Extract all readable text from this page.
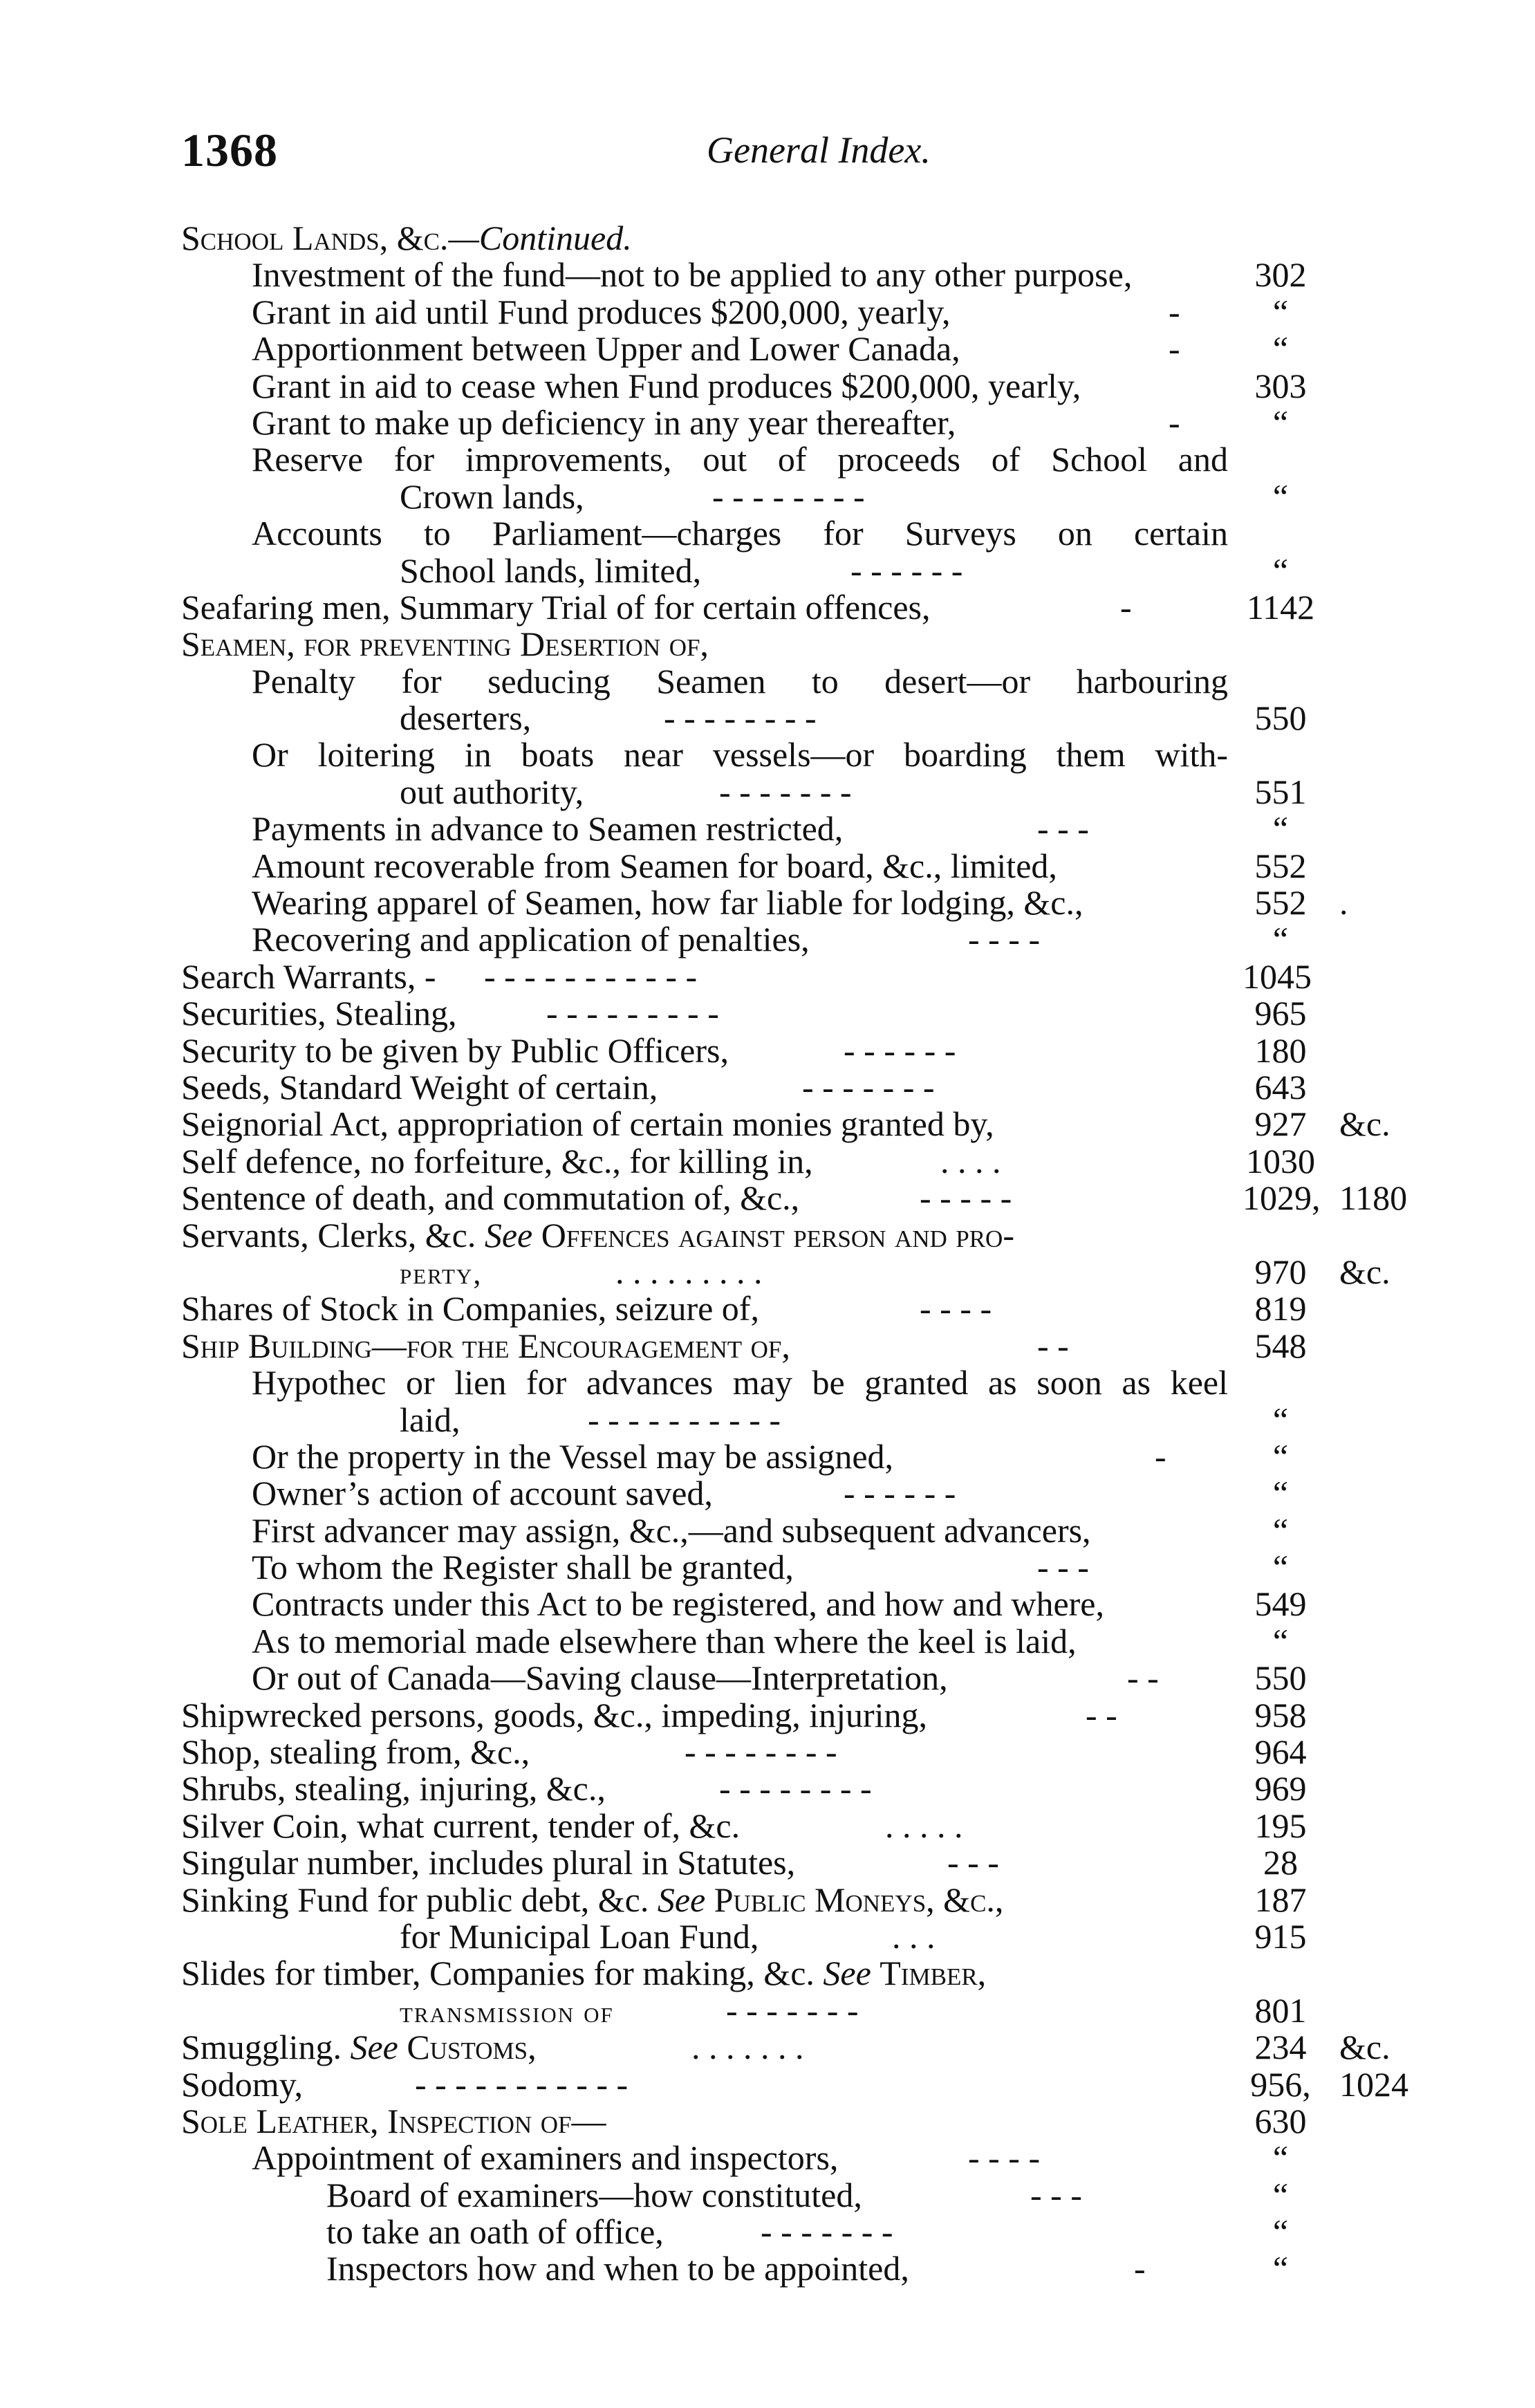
1368	General Index.
School Lands, &c.—Continued.
Investment of the fund—not to be applied to any other purpose,	302
Grant in aid until Fund produces $200,000, yearly,	-	“
Apportionment between Upper and Lower Canada,	-	“
Grant in aid to cease when Fund produces $200,000, yearly,	303
Grant to make up deficiency in any year thereafter,	-	“
Reserve for improvements, out of proceeds of School and
Crown lands,	- - - - - - - -	“
Accounts to Parliament—charges for Surveys on certain
School lands, limited,	- - - - - -	“
Seafaring men, Summary Trial of for certain offences,	-	1142
Seamen, for preventing Desertion of,
Penalty for seducing Seamen to desert—or harbouring
deserters,	- - - - - - - -	550
Or loitering in boats near vessels—or boarding them with-
out authority,	- - - - - - -	551
Payments in advance to Seamen restricted,	- - -	“
Amount recoverable from Seamen for board, &c., limited,	552
Wearing apparel of Seamen, how far liable for lodging, &c.,	552 .
Recovering and application of penalties,	- - - -	“
Search Warrants, - - - - - - - - - - - -	1045
Securities, Stealing,	- - - - - - - - -	965
Security to be given by Public Officers,	- - - - - -	180
Seeds, Standard Weight of certain,	- - - - - - -	643
Seignorial Act, appropriation of certain monies granted by,	927 &c.
Self defence, no forfeiture, &c., for killing in,	. . . .	1030
Sentence of death, and commutation of, &c.,	- - - - -	1029, 1180
Servants, Clerks, &c. See Offences against person and pro-
perty,	. . . . . . . . .	970 &c.
Shares of Stock in Companies, seizure of,	- - - -	819
Ship Building—for the Encouragement of,	- -	548
Hypothec or lien for advances may be granted as soon as keel
laid,	- - - - - - - - - -	“
Or the property in the Vessel may be assigned,	-	“
Owner’s action of account saved,	- - - - - -	“
First advancer may assign, &c.,—and subsequent advancers,	“
To whom the Register shall be granted,	- - -	“
Contracts under this Act to be registered, and how and where,	549
As to memorial made elsewhere than where the keel is laid,	“
Or out of Canada—Saving clause—Interpretation,	- -	550
Shipwrecked persons, goods, &c., impeding, injuring,	- -	958
Shop, stealing from, &c.,	- - - - - - - -	964
Shrubs, stealing, injuring, &c.,	- - - - - - - -	969
Silver Coin, what current, tender of, &c.	. . . . .	195
Singular number, includes plural in Statutes,	- - -	28
Sinking Fund for public debt, &c. See Public Moneys, &c.,	187
for Municipal Loan Fund,	. . .	915
Slides for timber, Companies for making, &c. See Timber,
transmission of	- - - - - - -	801
Smuggling. See Customs,	. . . . . . .	234 &c.
Sodomy,	- - - - - - - - - - -	956, 1024
Sole Leather, Inspection of—	630
Appointment of examiners and inspectors,	- - - -	“
Board of examiners—how constituted,	- - -	“
to take an oath of office,	- - - - - - -	“
Inspectors how and when to be appointed,	-	“
